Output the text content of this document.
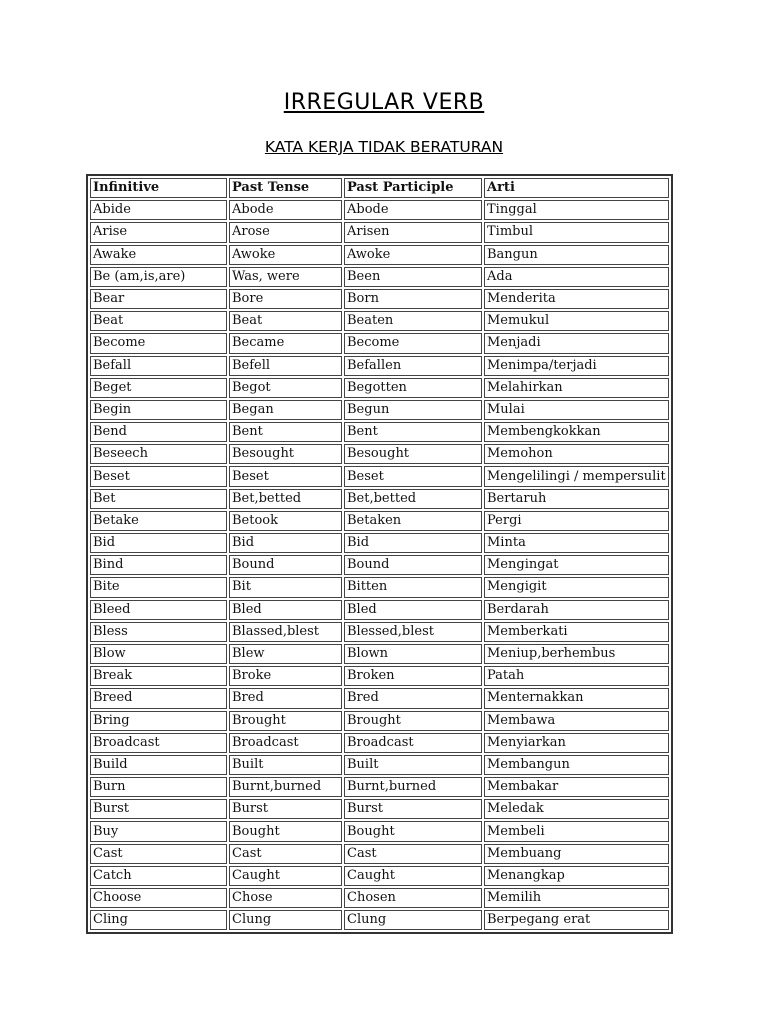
IRREGULAR VERB
KATA KERJA TIDAK BERATURAN
Infinitive	Past Tense	Past Participle	Arti
Abide	Abode	Abode	Tinggal
Arise	Arose	Arisen	Timbul
Awake	Awoke	Awoke	Bangun
Be (am,is,are)	Was, were	Been	Ada
Bear	Bore	Born	Menderita
Beat	Beat	Beaten	Memukul
Become	Became	Become	Menjadi
Befall	Befell	Befallen	Menimpa/terjadi
Beget	Begot	Begotten	Melahirkan
Begin	Began	Begun	Mulai
Bend	Bent	Bent	Membengkokkan
Beseech	Besought	Besought	Memohon
Beset	Beset	Beset	Mengelilingi / mempersulit
Bet	Bet,betted	Bet,betted	Bertaruh
Betake	Betook	Betaken	Pergi
Bid	Bid	Bid	Minta
Bind	Bound	Bound	Mengingat
Bite	Bit	Bitten	Mengigit
Bleed	Bled	Bled	Berdarah
Bless	Blassed,blest	Blessed,blest	Memberkati
Blow	Blew	Blown	Meniup,berhembus
Break	Broke	Broken	Patah
Breed	Bred	Bred	Menternakkan
Bring	Brought	Brought	Membawa
Broadcast	Broadcast	Broadcast	Menyiarkan
Build	Built	Built	Membangun
Burn	Burnt,burned	Burnt,burned	Membakar
Burst	Burst	Burst	Meledak
Buy	Bought	Bought	Membeli
Cast	Cast	Cast	Membuang
Catch	Caught	Caught	Menangkap
Choose	Chose	Chosen	Memilih
Cling	Clung	Clung	Berpegang erat
